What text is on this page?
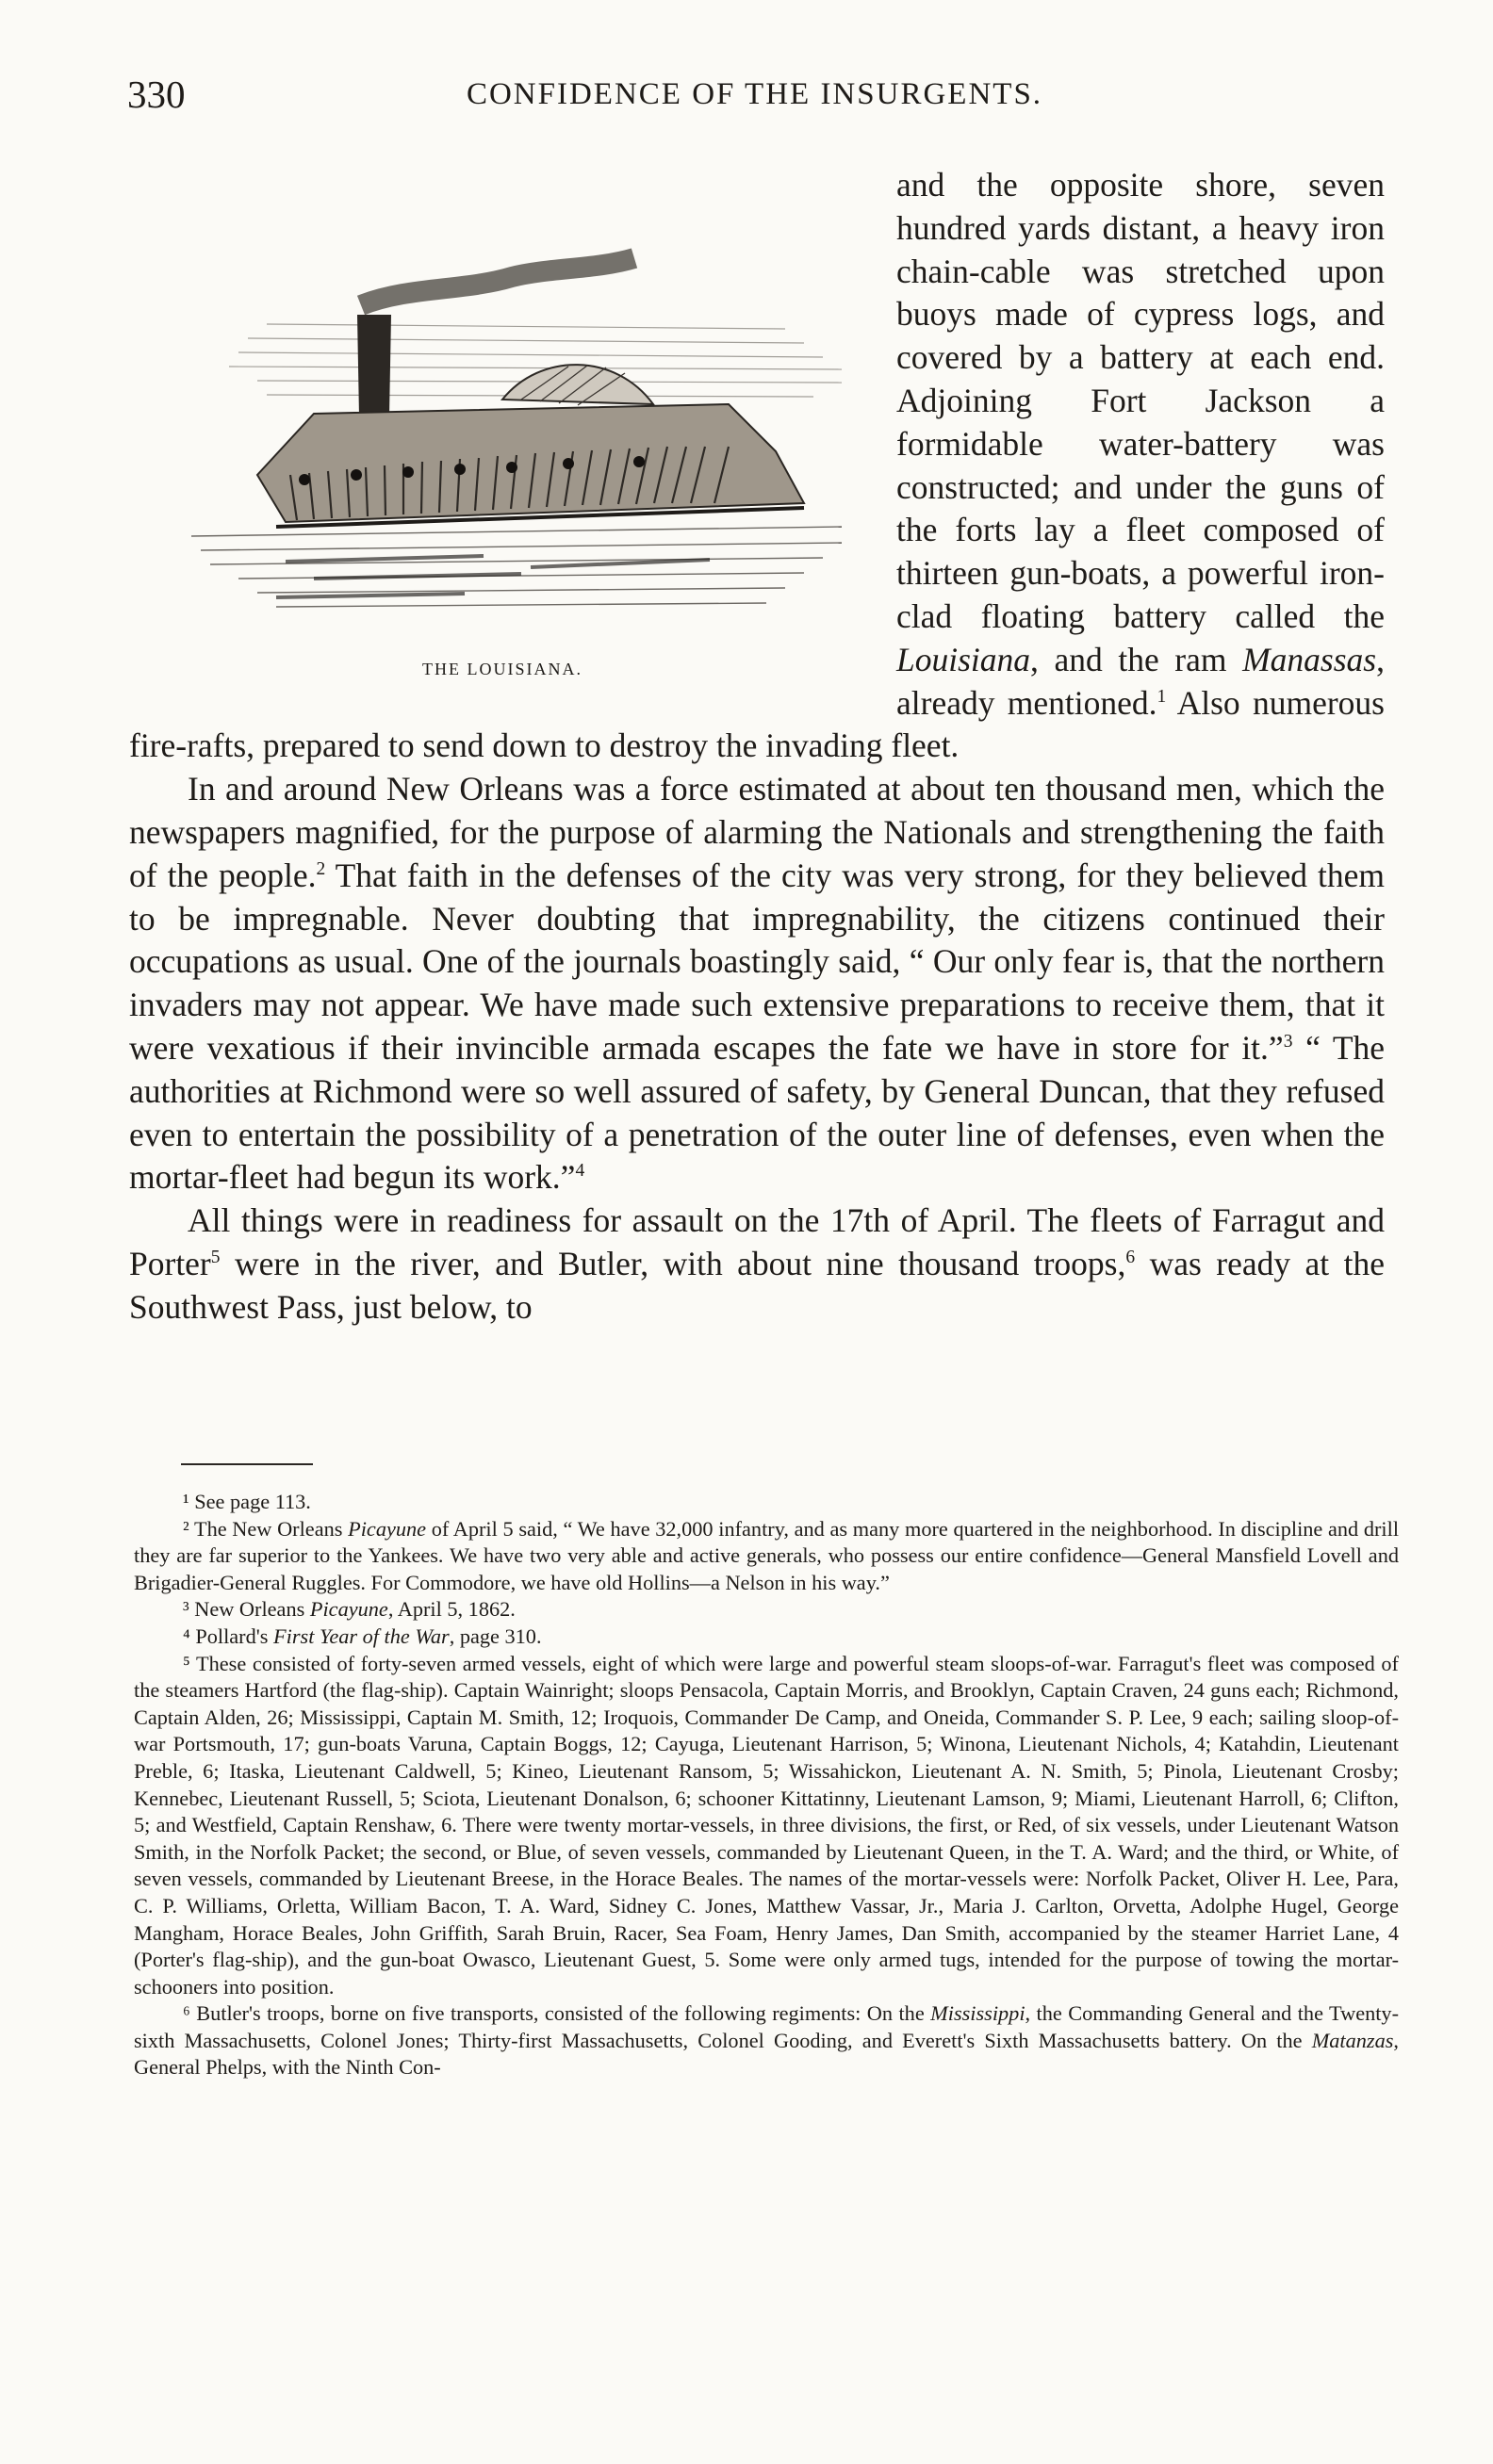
330	CONFIDENCE OF THE INSURGENTS.

THE LOUISIANA.
and the opposite shore, seven hundred yards distant, a heavy iron chain-cable was stretched upon buoys made of cypress logs, and covered by a battery at each end. Adjoining Fort Jackson a formidable water-battery was constructed; and under the guns of the forts lay a fleet composed of thirteen gun-boats, a powerful iron-clad floating battery called the Louisiana, and the ram Manassas, already mentioned.$^1$ Also numerous fire-rafts, prepared to send down to destroy the invading fleet.

In and around New Orleans was a force estimated at about ten thousand men, which the newspapers magnified, for the purpose of alarming the Nationals and strengthening the faith of the people.$^2$ That faith in the defenses of the city was very strong, for they believed them to be impregnable. Never doubting that impregnability, the citizens continued their occupations as usual. One of the journals boastingly said, “ Our only fear is, that the northern invaders may not appear. We have made such extensive preparations to receive them, that it were vexatious if their invincible armada escapes the fate we have in store for it.”$^3$ “ The authorities at Richmond were so well assured of safety, by General Duncan, that they refused even to entertain the possibility of a penetration of the outer line of defenses, even when the mortar-fleet had begun its work.”$^4$

All things were in readiness for assault on the 17th of April. The fleets of Farragut and Porter$^5$ were in the river, and Butler, with about nine thousand troops,$^6$ was ready at the Southwest Pass, just below, to

¹ See page 113.

² The New Orleans Picayune of April 5 said, “ We have 32,000 infantry, and as many more quartered in the neighborhood. In discipline and drill they are far superior to the Yankees. We have two very able and active generals, who possess our entire confidence—General Mansfield Lovell and Brigadier-General Ruggles. For Commodore, we have old Hollins—a Nelson in his way.”

³ New Orleans Picayune, April 5, 1862.

⁴ Pollard's First Year of the War, page 310.

⁵ These consisted of forty-seven armed vessels, eight of which were large and powerful steam sloops-of-war. Farragut's fleet was composed of the steamers Hartford (the flag-ship). Captain Wainright; sloops Pensacola, Captain Morris, and Brooklyn, Captain Craven, 24 guns each; Richmond, Captain Alden, 26; Mississippi, Captain M. Smith, 12; Iroquois, Commander De Camp, and Oneida, Commander S. P. Lee, 9 each; sailing sloop-of-war Portsmouth, 17; gun-boats Varuna, Captain Boggs, 12; Cayuga, Lieutenant Harrison, 5; Winona, Lieutenant Nichols, 4; Katahdin, Lieutenant Preble, 6; Itaska, Lieutenant Caldwell, 5; Kineo, Lieutenant Ransom, 5; Wissahickon, Lieutenant A. N. Smith, 5; Pinola, Lieutenant Crosby; Kennebec, Lieutenant Russell, 5; Sciota, Lieutenant Donalson, 6; schooner Kittatinny, Lieutenant Lamson, 9; Miami, Lieutenant Harroll, 6; Clifton, 5; and Westfield, Captain Renshaw, 6. There were twenty mortar-vessels, in three divisions, the first, or Red, of six vessels, under Lieutenant Watson Smith, in the Norfolk Packet; the second, or Blue, of seven vessels, commanded by Lieutenant Queen, in the T. A. Ward; and the third, or White, of seven vessels, commanded by Lieutenant Breese, in the Horace Beales. The names of the mortar-vessels were: Norfolk Packet, Oliver H. Lee, Para, C. P. Williams, Orletta, William Bacon, T. A. Ward, Sidney C. Jones, Matthew Vassar, Jr., Maria J. Carlton, Orvetta, Adolphe Hugel, George Mangham, Horace Beales, John Griffith, Sarah Bruin, Racer, Sea Foam, Henry James, Dan Smith, accompanied by the steamer Harriet Lane, 4 (Porter's flag-ship), and the gun-boat Owasco, Lieutenant Guest, 5. Some were only armed tugs, intended for the purpose of towing the mortar-schooners into position.

⁶ Butler's troops, borne on five transports, consisted of the following regiments: On the Mississippi, the Commanding General and the Twenty-sixth Massachusetts, Colonel Jones; Thirty-first Massachusetts, Colonel Gooding, and Everett's Sixth Massachusetts battery. On the Matanzas, General Phelps, with the Ninth Con-
